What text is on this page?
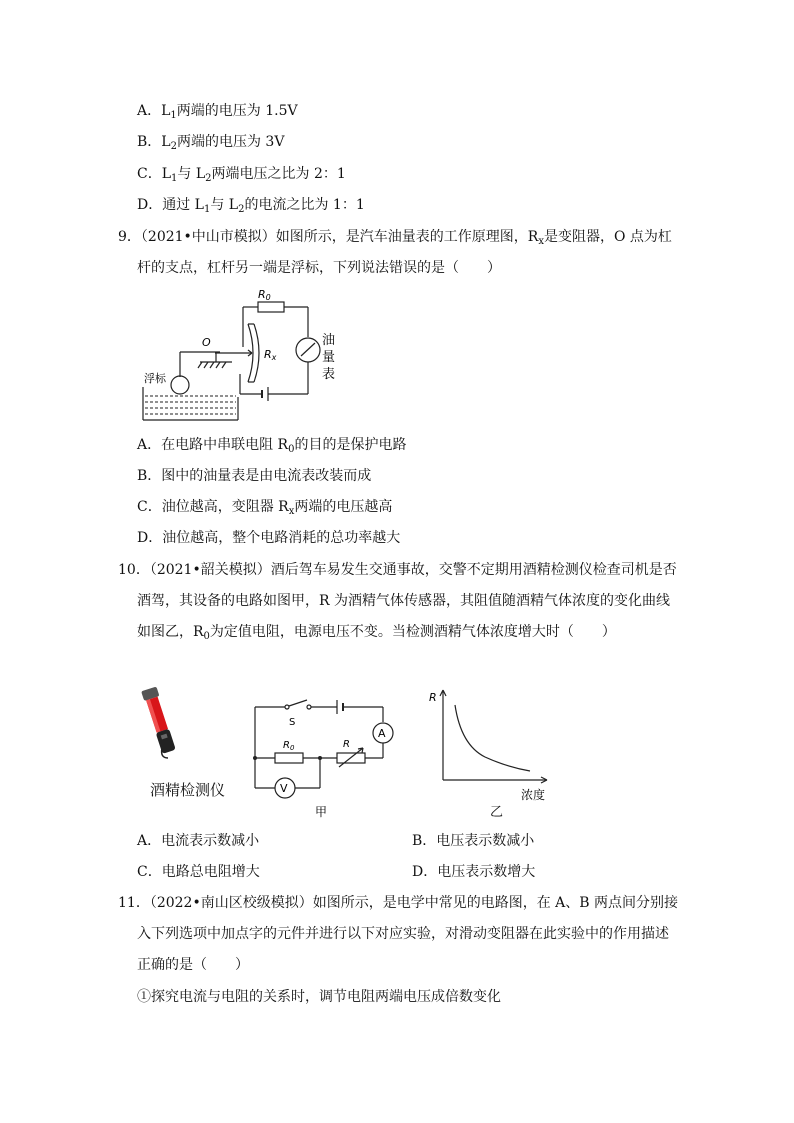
A．$L_1$两端的电压为 1.5V
B．$L_2$两端的电压为 3V
C．$L_1$与 $L_2$两端电压之比为 2：1
D．通过 $L_1$与 $L_2$的电流之比为 1：1
9．（2021•中山市模拟）如图所示，是汽车油量表的工作原理图，$R_x$是变阻器，O 点为杠
杆的支点，杠杆另一端是浮标，下列说法错误的是（　　）
R0
O
Rx
油
量
表
浮标
A．在电路中串联电阻 $R_0$的目的是保护电路
B．图中的油量表是由电流表改装而成
C．油位越高，变阻器 $R_x$两端的电压越高
D．油位越高，整个电路消耗的总功率越大
10．（2021•韶关模拟）酒后驾车易发生交通事故，交警不定期用酒精检测仪检查司机是否
酒驾，其设备的电路如图甲，R 为酒精气体传感器，其阻值随酒精气体浓度的变化曲线
如图乙，$R_0$为定值电阻，电源电压不变。当检测酒精气体浓度增大时（　　）
酒精检测仪
S
A
V
$R_0$	R
甲
R
浓度
乙
A．电流表示数减小	B．电压表示数减小
C．电路总电阻增大	D．电压表示数增大
11．（2022•南山区校级模拟）如图所示，是电学中常见的电路图，在 A、B 两点间分别接
入下列选项中加点字的元件并进行以下对应实验，对滑动变阻器在此实验中的作用描述
正确的是（　　）
①探究电流与电阻的关系时，调节电阻两端电压成倍数变化
